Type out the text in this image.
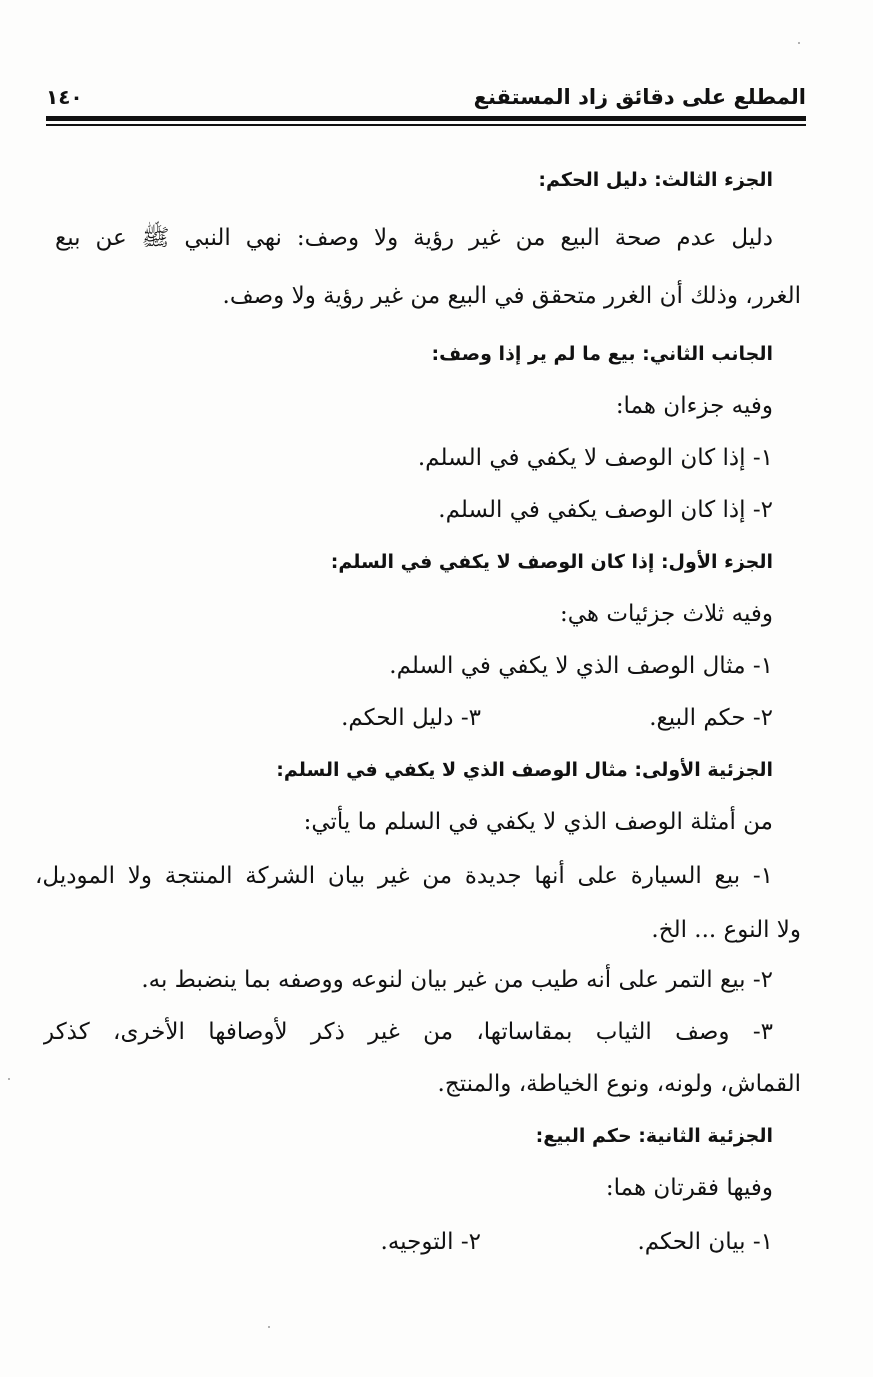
المطلع على دقائق زاد المستقنع
١٤٠

الجزء الثالث: دليل الحكم:

دليل عدم صحة البيع من غير رؤية ولا وصف: نهي النبي ﷺ عن بيع

الغرر، وذلك أن الغرر متحقق في البيع من غير رؤية ولا وصف.

الجانب الثاني: بيع ما لم ير إذا وصف:

وفيه جزءان هما:

١- إذا كان الوصف لا يكفي في السلم.

٢- إذا كان الوصف يكفي في السلم.

الجزء الأول: إذا كان الوصف لا يكفي في السلم:

وفيه ثلاث جزئيات هي:

١- مثال الوصف الذي لا يكفي في السلم.

٢- حكم البيع.

٣- دليل الحكم.

الجزئية الأولى: مثال الوصف الذي لا يكفي في السلم:

من أمثلة الوصف الذي لا يكفي في السلم ما يأتي:

١- بيع السيارة على أنها جديدة من غير بيان الشركة المنتجة ولا الموديل،

ولا النوع ... الخ.

٢- بيع التمر على أنه طيب من غير بيان لنوعه ووصفه بما ينضبط به.

٣- وصف الثياب بمقاساتها، من غير ذكر لأوصافها الأخرى، كذكر

القماش، ولونه، ونوع الخياطة، والمنتج.

الجزئية الثانية: حكم البيع:

وفيها فقرتان هما:

١- بيان الحكم.

٢- التوجيه.
